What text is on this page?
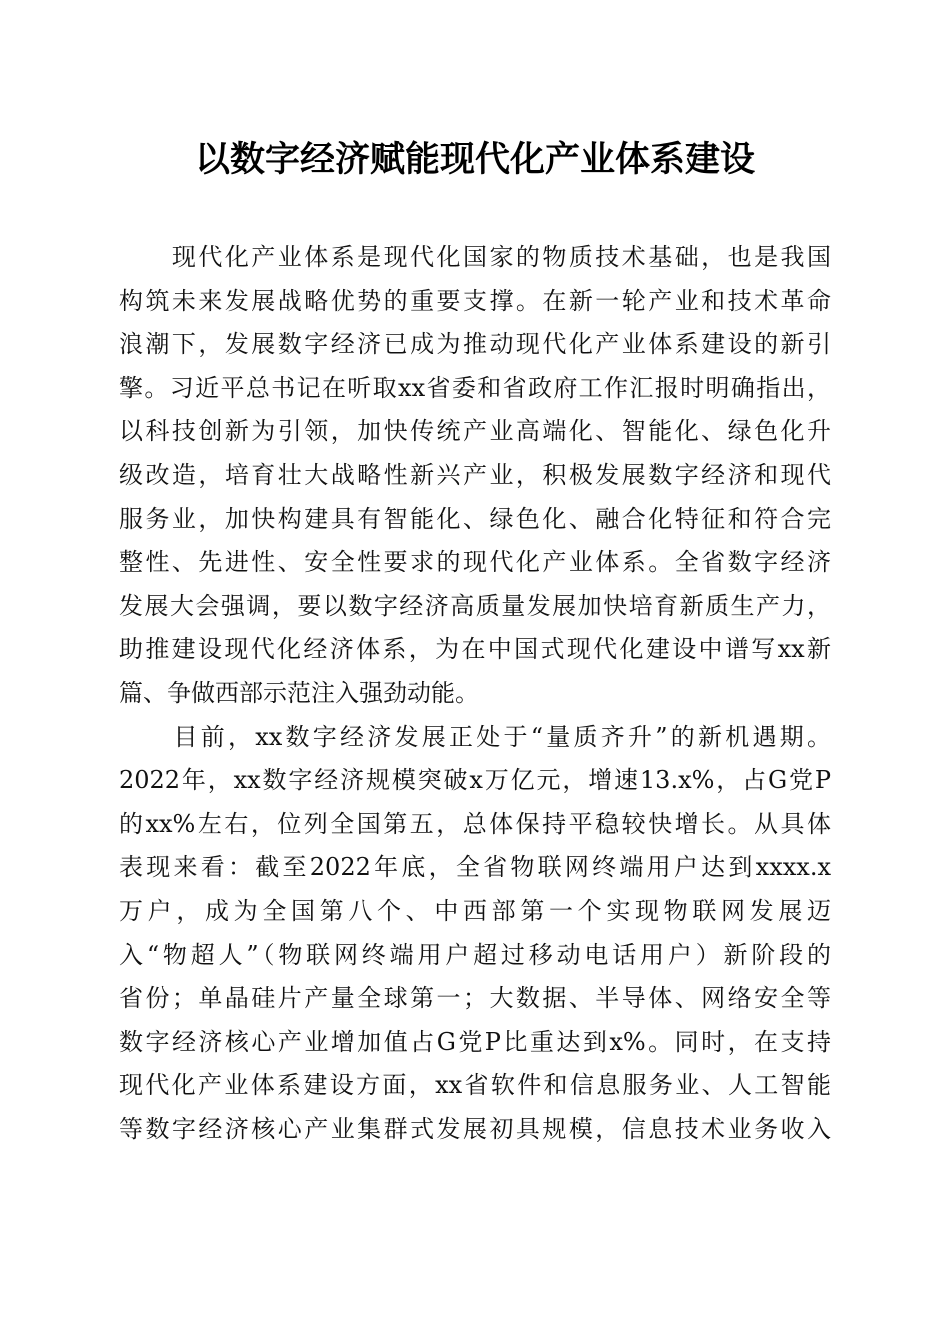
以数字经济赋能现代化产业体系建设
　　现代化产业体系是现代化国家的物质技术基础，也是我国
构筑未来发展战略优势的重要支撑。在新一轮产业和技术革命
浪潮下，发展数字经济已成为推动现代化产业体系建设的新引
擎。习近平总书记在听取xx省委和省政府工作汇报时明确指出，
以科技创新为引领，加快传统产业高端化、智能化、绿色化升
级改造，培育壮大战略性新兴产业，积极发展数字经济和现代
服务业，加快构建具有智能化、绿色化、融合化特征和符合完
整性、先进性、安全性要求的现代化产业体系。全省数字经济
发展大会强调，要以数字经济高质量发展加快培育新质生产力，
助推建设现代化经济体系，为在中国式现代化建设中谱写xx新
篇、争做西部示范注入强劲动能。
　　目前，xx数字经济发展正处于“量质齐升”的新机遇期。
2022年，xx数字经济规模突破x万亿元，增速13.x%，占G党P
的xx%左右，位列全国第五，总体保持平稳较快增长。从具体
表现来看：截至2022年底，全省物联网终端用户达到xxxx.x
万户，成为全国第八个、中西部第一个实现物联网发展迈
入“物超人”（物联网终端用户超过移动电话用户）新阶段的
省份；单晶硅片产量全球第一；大数据、半导体、网络安全等
数字经济核心产业增加值占G党P比重达到x%。同时，在支持
现代化产业体系建设方面，xx省软件和信息服务业、人工智能
等数字经济核心产业集群式发展初具规模，信息技术业务收入
